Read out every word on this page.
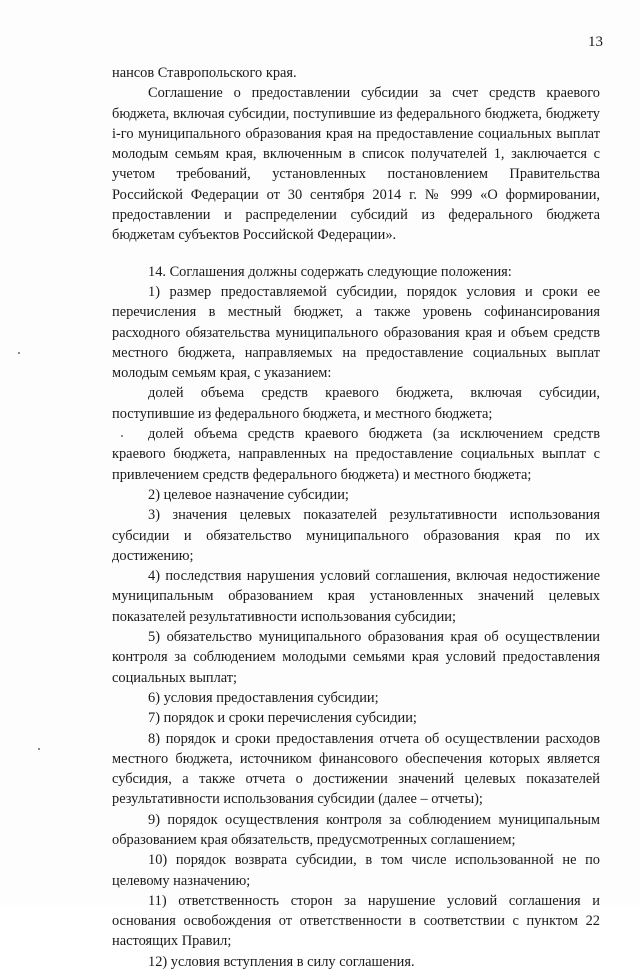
13

нансов Ставропольского края.

Соглашение о предоставлении субсидии за счет средств краевого бюджета, включая субсидии, поступившие из федерального бюджета, бюджету i-го муниципального образования края на предоставление социальных выплат молодым семьям края, включенным в список получателей 1, заключается с учетом требований, установленных постановлением Правительства Российской Федерации от 30 сентября 2014 г. № 999 «О формировании, предоставлении и распределении субсидий из федерального бюджета бюджетам субъектов Российской Федерации».

14. Соглашения должны содержать следующие положения:

1) размер предоставляемой субсидии, порядок условия и сроки ее перечисления в местный бюджет, а также уровень софинансирования расходного обязательства муниципального образования края и объем средств местного бюджета, направляемых на предоставление социальных выплат молодым семьям края, с указанием:

долей объема средств краевого бюджета, включая субсидии, поступившие из федерального бюджета, и местного бюджета;

долей объема средств краевого бюджета (за исключением средств краевого бюджета, направленных на предоставление социальных выплат с привлечением средств федерального бюджета) и местного бюджета;

2) целевое назначение субсидии;

3) значения целевых показателей результативности использования субсидии и обязательство муниципального образования края по их достижению;

4) последствия нарушения условий соглашения, включая недостижение муниципальным образованием края установленных значений целевых показателей результативности использования субсидии;

5) обязательство муниципального образования края об осуществлении контроля за соблюдением молодыми семьями края условий предоставления социальных выплат;

6) условия предоставления субсидии;

7) порядок и сроки перечисления субсидии;

8) порядок и сроки предоставления отчета об осуществлении расходов местного бюджета, источником финансового обеспечения которых является субсидия, а также отчета о достижении значений целевых показателей результативности использования субсидии (далее – отчеты);

9) порядок осуществления контроля за соблюдением муниципальным образованием края обязательств, предусмотренных соглашением;

10) порядок возврата субсидии, в том числе использованной не по целевому назначению;

11) ответственность сторон за нарушение условий соглашения и основания освобождения от ответственности в соответствии с пунктом 22 настоящих Правил;

12) условия вступления в силу соглашения.
